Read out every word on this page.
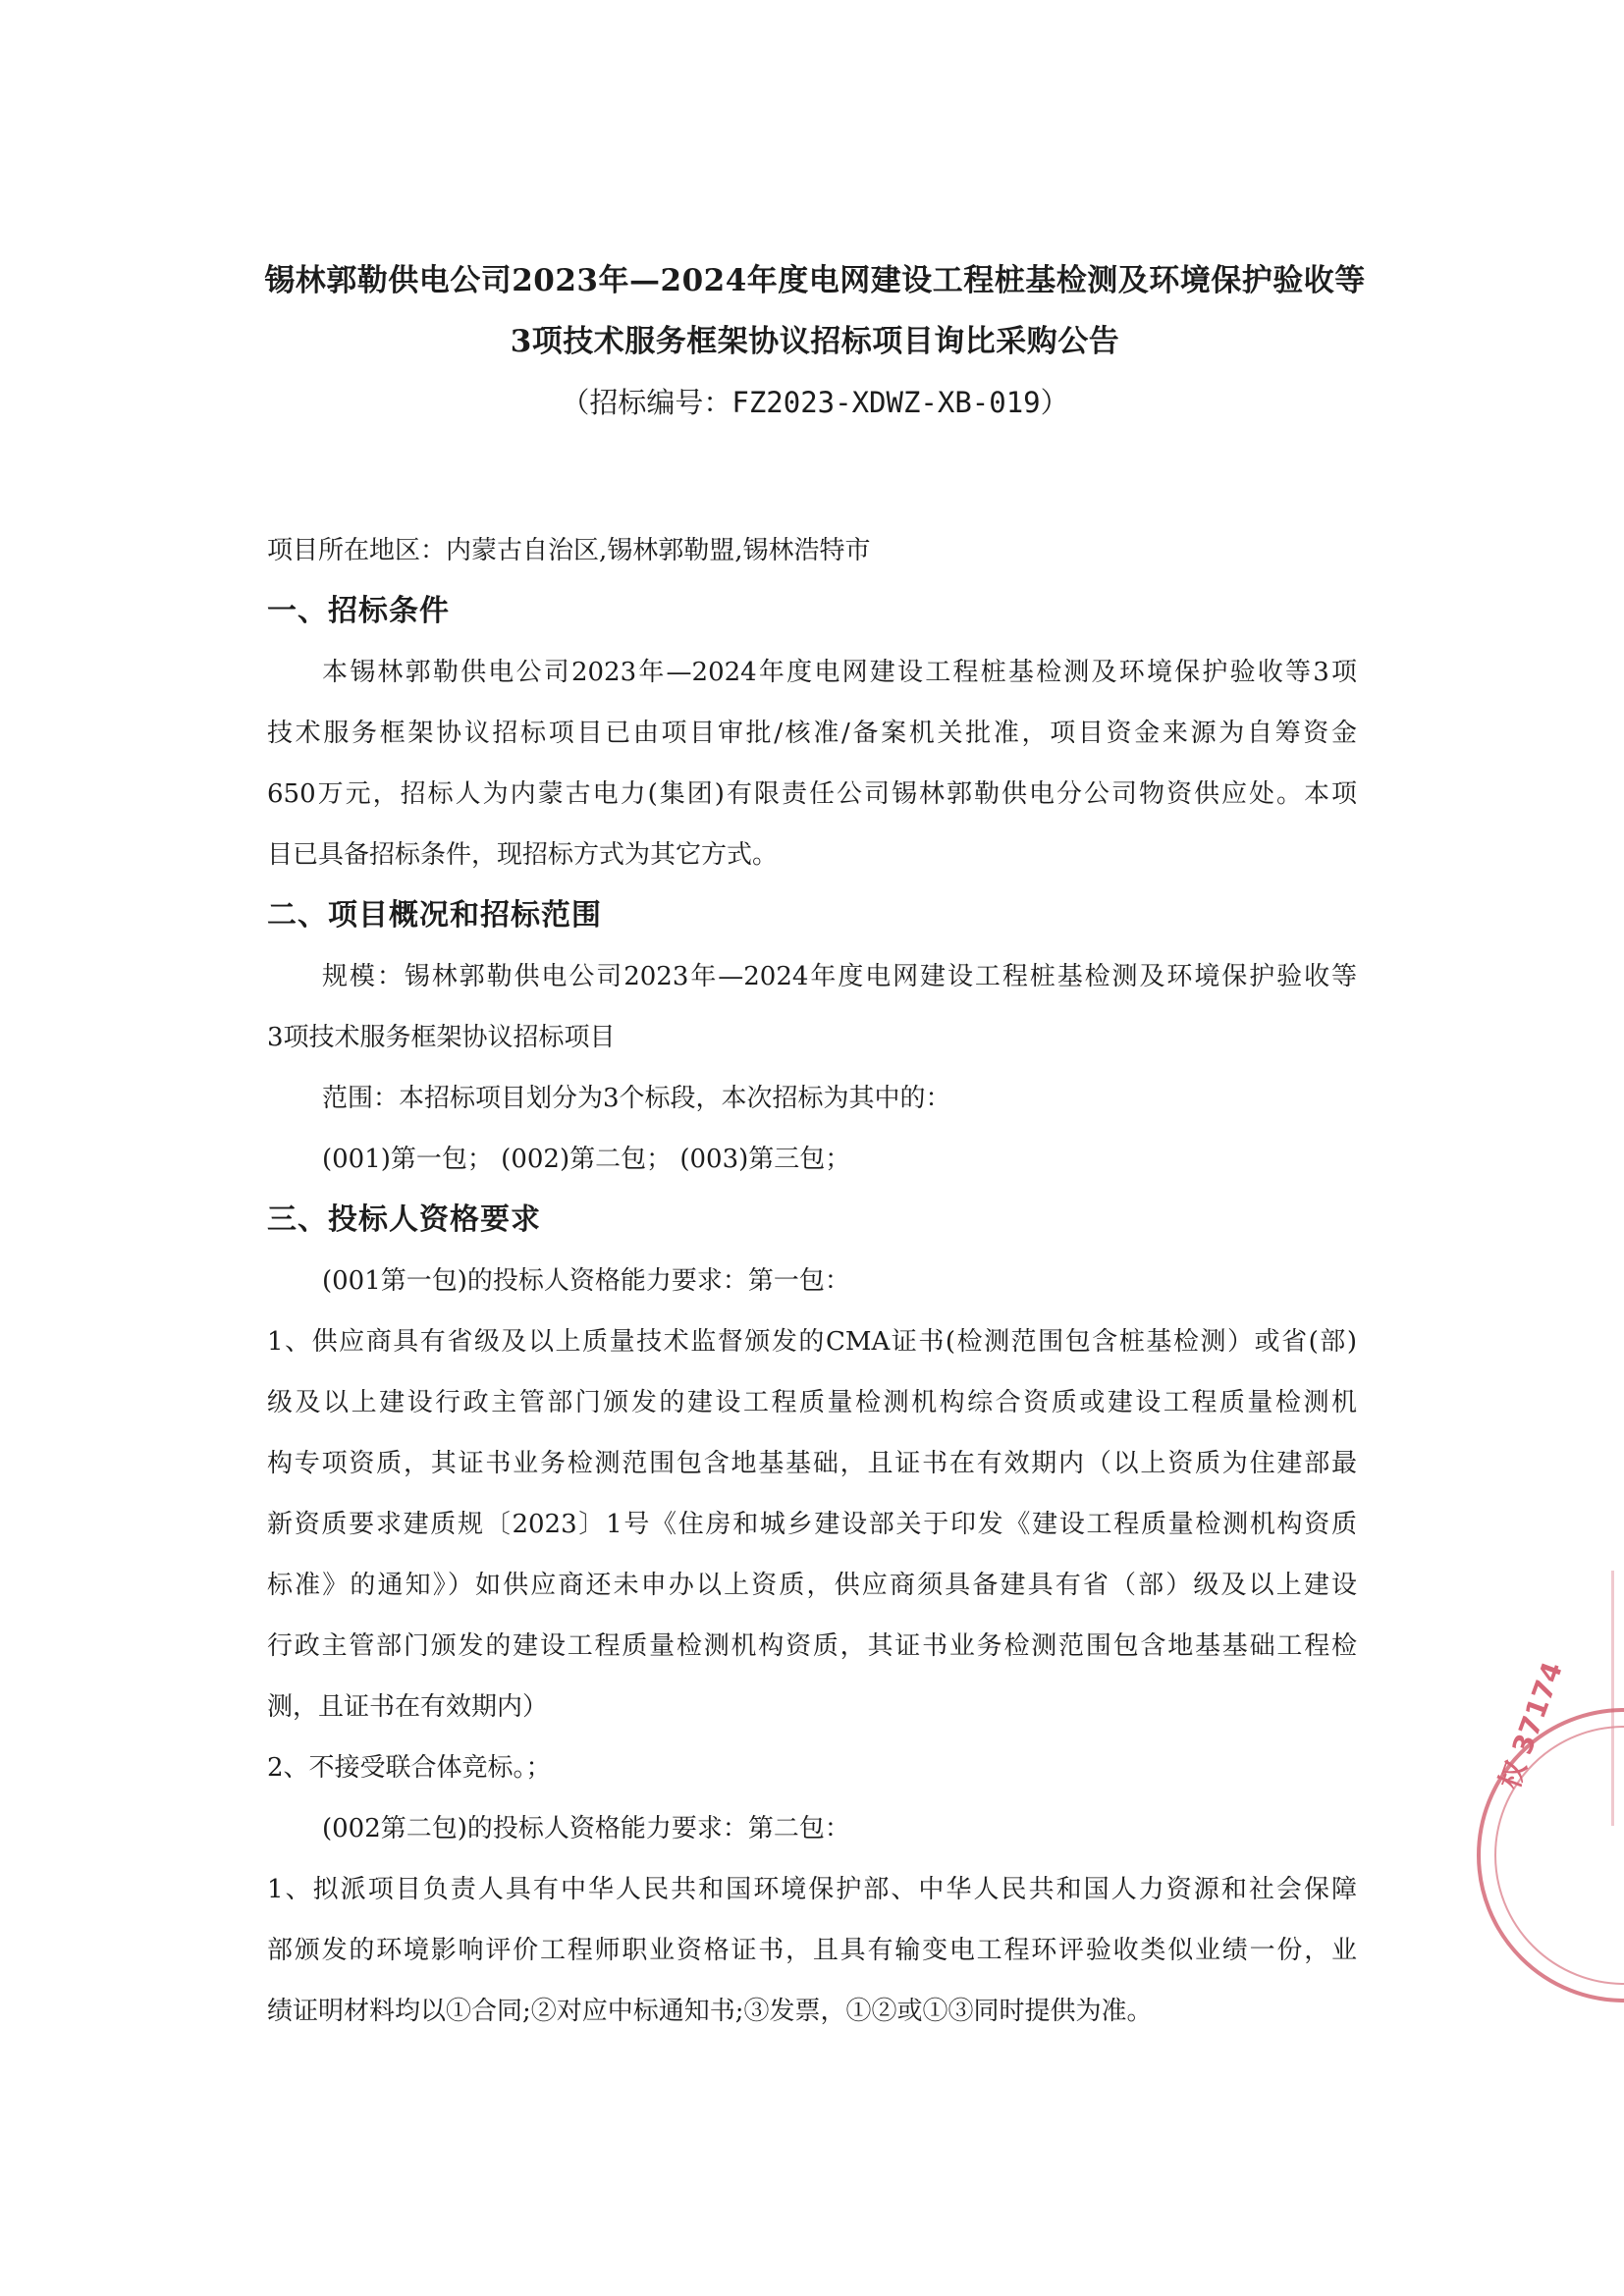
锡林郭勒供电公司2023年—2024年度电网建设工程桩基检测及环境保护验收等
3项技术服务框架协议招标项目询比采购公告
（招标编号：FZ2023-XDWZ-XB-019）
项目所在地区：内蒙古自治区,锡林郭勒盟,锡林浩特市
一、招标条件
本锡林郭勒供电公司2023年—2024年度电网建设工程桩基检测及环境保护验收等3项
技术服务框架协议招标项目已由项目审批/核准/备案机关批准，项目资金来源为自筹资金
650万元，招标人为内蒙古电力(集团)有限责任公司锡林郭勒供电分公司物资供应处。本项
目已具备招标条件，现招标方式为其它方式。
二、项目概况和招标范围
规模：锡林郭勒供电公司2023年—2024年度电网建设工程桩基检测及环境保护验收等
3项技术服务框架协议招标项目
范围：本招标项目划分为3个标段，本次招标为其中的：
(001)第一包； (002)第二包； (003)第三包；
三、投标人资格要求
(001第一包)的投标人资格能力要求：第一包：
1、供应商具有省级及以上质量技术监督颁发的CMA证书(检测范围包含桩基检测）或省(部)
级及以上建设行政主管部门颁发的建设工程质量检测机构综合资质或建设工程质量检测机
构专项资质，其证书业务检测范围包含地基基础，且证书在有效期内（以上资质为住建部最
新资质要求建质规〔2023〕1号《住房和城乡建设部关于印发《建设工程质量检测机构资质
标准》的通知》）如供应商还未申办以上资质，供应商须具备建具有省（部）级及以上建设
行政主管部门颁发的建设工程质量检测机构资质，其证书业务检测范围包含地基基础工程检
测，且证书在有效期内）
2、不接受联合体竞标。；
(002第二包)的投标人资格能力要求：第二包：
1、拟派项目负责人具有中华人民共和国环境保护部、中华人民共和国人力资源和社会保障
部颁发的环境影响评价工程师职业资格证书，且具有输变电工程环评验收类似业绩一份，业
绩证明材料均以①合同;②对应中标通知书;③发票，①②或①③同时提供为准。
权 37174
